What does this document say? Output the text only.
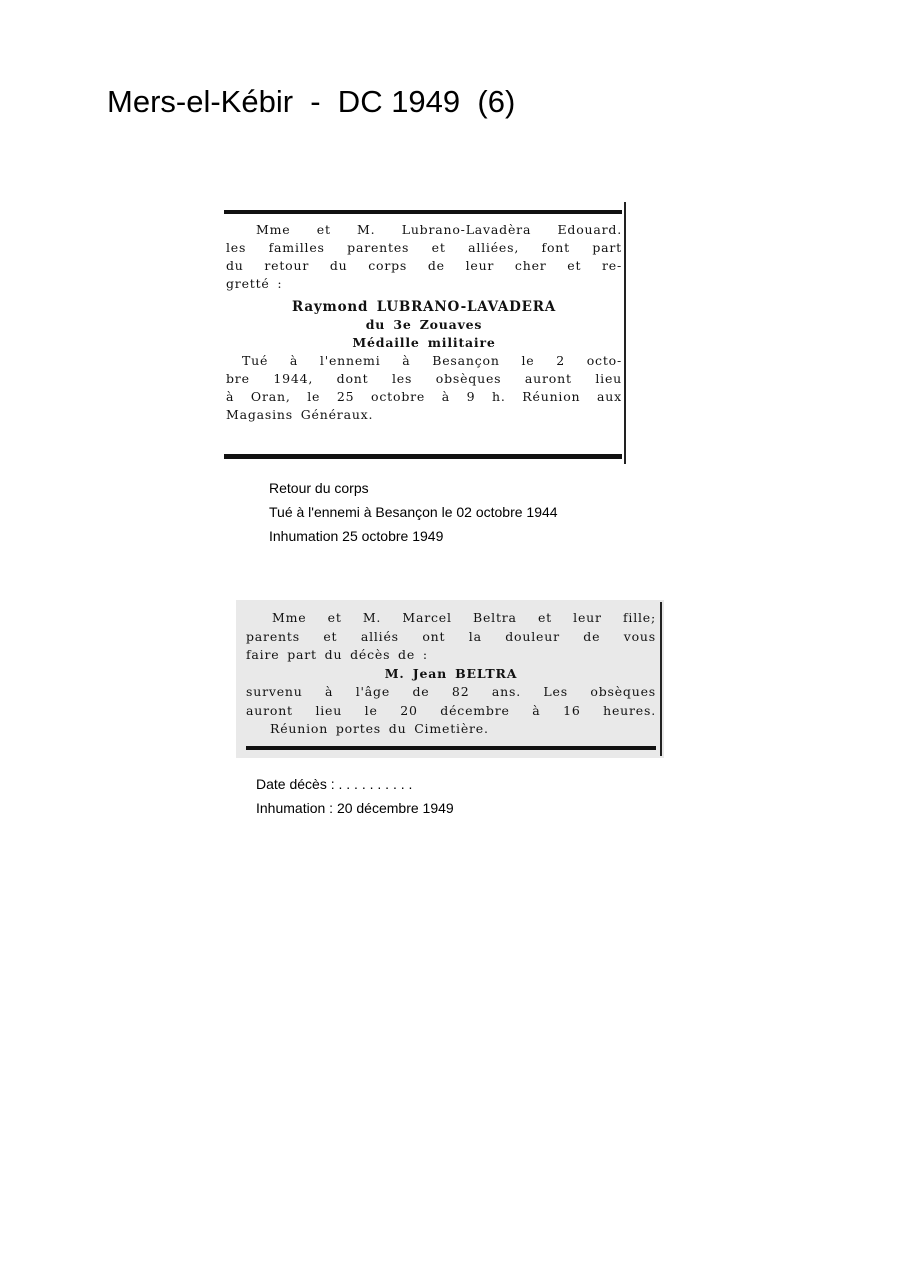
Mers-el-Kébir  -  DC 1949  (6)
Mme et M. Lubrano-Lavadèra Edouard.
les familles parentes et alliées, font part
du retour du corps de leur cher et re-
gretté :
Raymond LUBRANO-LAVADERA
du 3e Zouaves
Médaille militaire
Tué à l'ennemi à Besançon le 2 octo-
bre 1944, dont les obsèques auront lieu
à Oran, le 25 octobre à 9 h. Réunion aux
Magasins Généraux.
Retour du corps
Tué à l'ennemi à Besançon le 02 octobre 1944
Inhumation 25 octobre 1949
Mme et M. Marcel Beltra et leur fille;
parents et alliés ont la douleur de vous
faire part du décès de :
M. Jean BELTRA
survenu à l'âge de 82 ans. Les obsèques
auront lieu le 20 décembre à 16 heures.
Réunion portes du Cimetière.
Date décès : . . . . . . . . . .
Inhumation : 20 décembre 1949
